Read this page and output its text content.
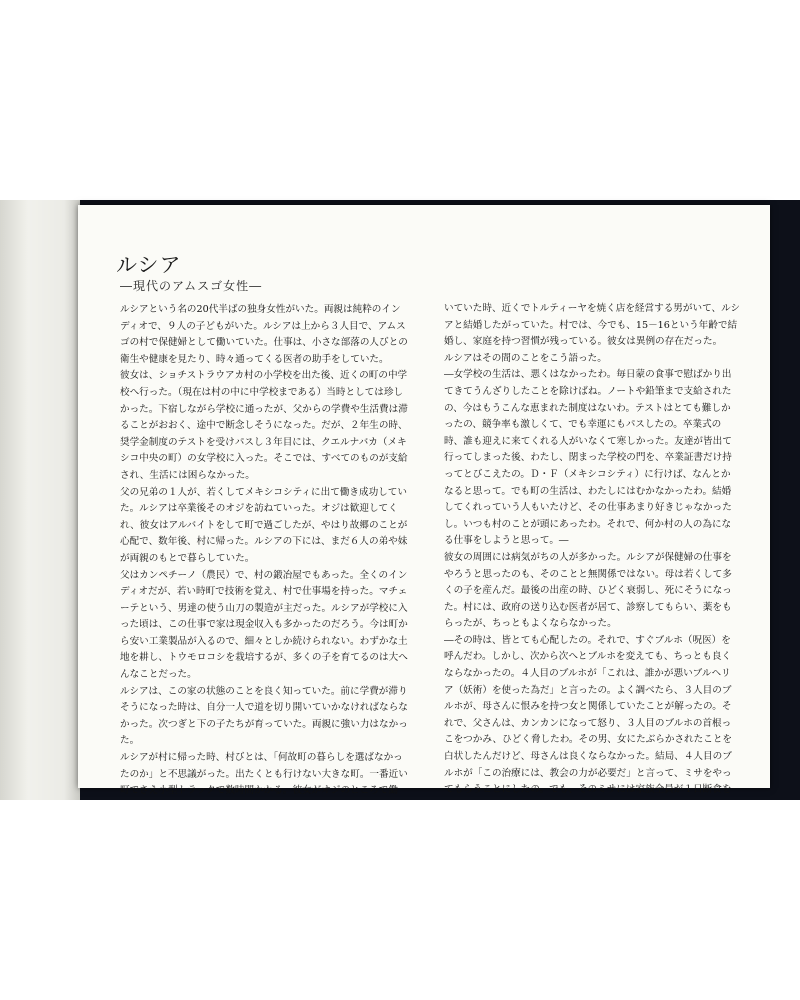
ルシア
―現代のアムスゴ女性―

ルシアという名の20代半ばの独身女性がいた。両親は純粋のインディオで、９人の子どもがいた。ルシアは上から３人目で、アムスゴの村で保健婦として働いていた。仕事は、小さな部落の人びとの衛生や健康を見たり、時々通ってくる医者の助手をしていた。

彼女は、ショチストラウアカ村の小学校を出た後、近くの町の中学校へ行った。（現在は村の中に中学校まである）当時としては珍しかった。下宿しながら学校に通ったが、父からの学費や生活費は滞ることがおおく、途中で断念しそうになった。だが、２年生の時、奨学金制度のテストを受けパスし３年目には、クエルナバカ（メキシコ中央の町）の女学校に入った。そこでは、すべてのものが支給され、生活には困らなかった。

父の兄弟の１人が、若くしてメキシコシティに出て働き成功していた。ルシアは卒業後そのオジを訪ねていった。オジは歓迎してくれ、彼女はアルバイトをして町で過ごしたが、やはり故郷のことが心配で、数年後、村に帰った。ルシアの下には、まだ６人の弟や妹が両親のもとで暮らしていた。

父はカンペチーノ（農民）で、村の鍛冶屋でもあった。全くのインディオだが、若い時町で技術を覚え、村で仕事場を持った。マチェーテという、男達の使う山刀の製造が主だった。ルシアが学校に入った頃は、この仕事で家は現金収入も多かったのだろう。今は町から安い工業製品が入るので、細々としか続けられない。わずかな土地を耕し、トウモロコシを栽培するが、多くの子を育てるのは大へんなことだった。

ルシアは、この家の状態のことを良く知っていた。前に学費が滞りそうになった時は、自分一人で道を切り開いていかなければならなかった。次つぎと下の子たちが育っていた。両親に強い力はなかった。

ルシアが村に帰った時、村びとは、「何故町の暮らしを選ばなかったのか」と不思議がった。出たくとも行けない大きな町。一番近い町でさえ小型トラックで数時間かかる。彼女がオジのところで働

いていた時、近くでトルティーヤを焼く店を経営する男がいて、ルシアと結婚したがっていた。村では、今でも、15－16という年齢で結婚し、家庭を持つ習慣が残っている。彼女は異例の存在だった。

ルシアはその間のことをこう語った。

―女学校の生活は、悪くはなかったわ。毎日蒙の食事で慰ばかり出てきてうんざりしたことを除けばね。ノートや鉛筆まで支給されたの、今はもうこんな恵まれた制度はないわ。テストはとても難しかったの、競争率も激しくて、でも幸運にもパスしたの。卒業式の時、誰も迎えに来てくれる人がいなくて寒しかった。友達が皆出て行ってしまった後、わたし、閉まった学校の門を、卒業証書だけ持ってとびこえたの。Ｄ・Ｆ（メキシコシティ）に行けば、なんとかなると思って。でも町の生活は、わたしにはむかなかったわ。結婚してくれっていう人もいたけど、その仕事あまり好きじゃなかったし。いつも村のことが頭にあったわ。それで、何か村の人の為になる仕事をしようと思って。―

彼女の周囲には病気がちの人が多かった。ルシアが保健婦の仕事をやろうと思ったのも、そのことと無関係ではない。母は若くして多くの子を産んだ。最後の出産の時、ひどく衰弱し、死にそうになった。村には、政府の送り込む医者が居て、診察してもらい、薬をもらったが、ちっともよくならなかった。

―その時は、皆とても心配したの。それで、すぐブルホ（呪医）を呼んだわ。しかし、次から次へとブルホを変えても、ちっとも良くならなかったの。４人目のブルホが「これは、誰かが悪いブルヘリア（妖術）を使った為だ」と言ったの。よく調べたら、３人目のブルホが、母さんに恨みを持つ女と関係していたことが解ったの。それで、父さんは、カンカンになって怒り、３人目のブルホの首根っこをつかみ、ひどく脅したわ。その男、女にたぶらかされたことを白状したんだけど、母さんは良くならなかった。結局、４人目のブルホが「この治療には、教会の力が必要だ」と言って、ミサをやってもらうことにしたの。でも、そのミサには家族全員が１日断食を
